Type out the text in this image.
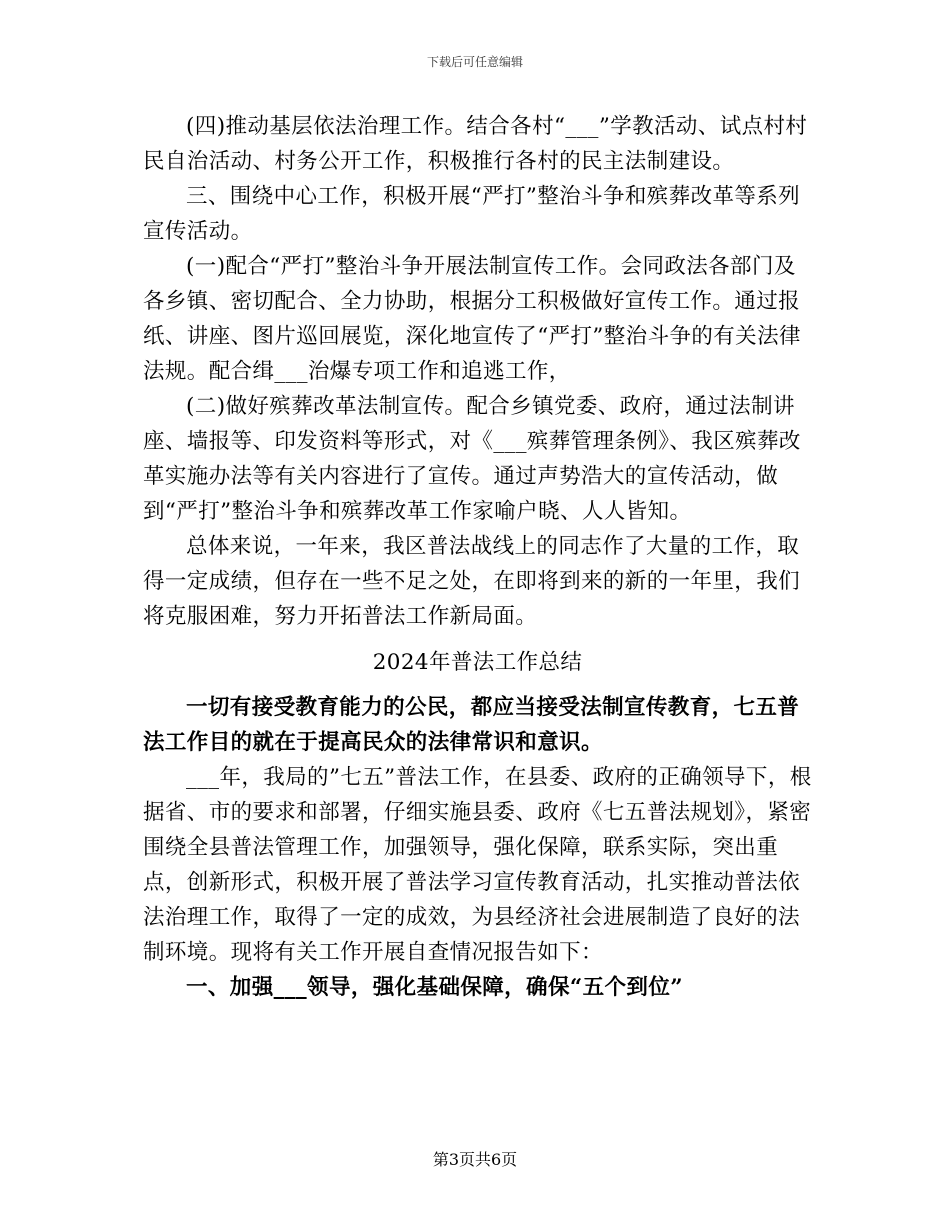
下载后可任意编辑

(四)推动基层依法治理工作。结合各村“___”学教活动、试点村村民自治活动、村务公开工作，积极推行各村的民主法制建设。

三、围绕中心工作，积极开展“严打”整治斗争和殡葬改革等系列宣传活动。

(一)配合“严打”整治斗争开展法制宣传工作。会同政法各部门及各乡镇、密切配合、全力协助，根据分工积极做好宣传工作。通过报纸、讲座、图片巡回展览，深化地宣传了“严打”整治斗争的有关法律法规。配合缉___治爆专项工作和追逃工作，

(二)做好殡葬改革法制宣传。配合乡镇党委、政府，通过法制讲座、墙报等、印发资料等形式，对《___殡葬管理条例》、我区殡葬改革实施办法等有关内容进行了宣传。通过声势浩大的宣传活动，做到“严打”整治斗争和殡葬改革工作家喻户晓、人人皆知。

总体来说，一年来，我区普法战线上的同志作了大量的工作，取得一定成绩，但存在一些不足之处，在即将到来的新的一年里，我们将克服困难，努力开拓普法工作新局面。

2024年普法工作总结

一切有接受教育能力的公民，都应当接受法制宣传教育，七五普法工作目的就在于提高民众的法律常识和意识。

___年，我局的”七五”普法工作，在县委、政府的正确领导下，根据省、市的要求和部署，仔细实施县委、政府《七五普法规划》，紧密围绕全县普法管理工作，加强领导，强化保障，联系实际，突出重点，创新形式，积极开展了普法学习宣传教育活动，扎实推动普法依法治理工作，取得了一定的成效，为县经济社会进展制造了良好的法制环境。现将有关工作开展自查情况报告如下：

一、加强___领导，强化基础保障，确保“五个到位”

第3页共6页
